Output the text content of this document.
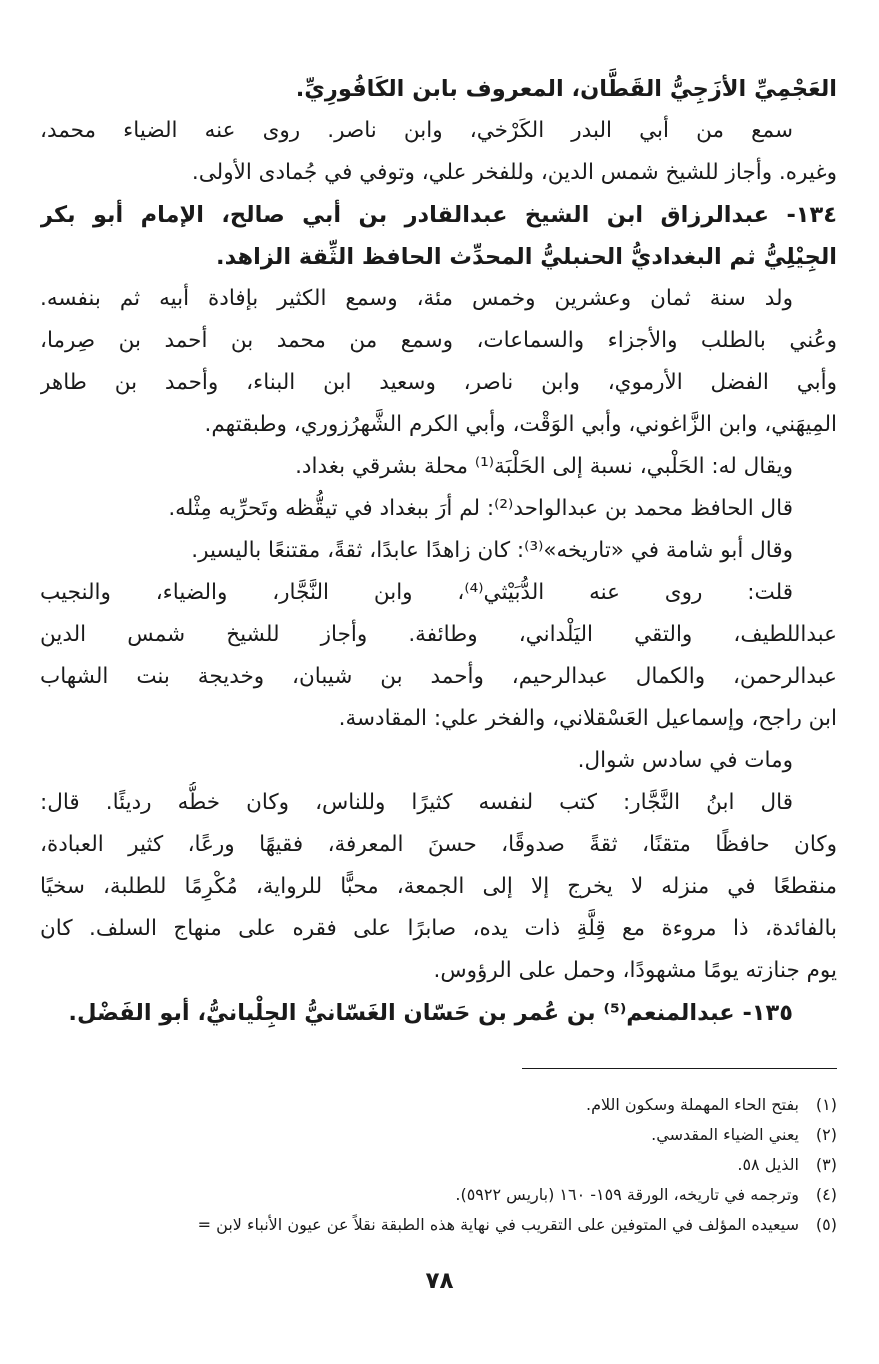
العَجْمِيِّ الأزَجِيُّ القَطَّان، المعروف بابن الكَافُورِيِّ.
سمع من أبي البدر الكَرْخي، وابن ناصر. روى عنه الضياء محمد،
وغيره. وأجاز للشيخ شمس الدين، وللفخر علي، وتوفي في جُمادى الأولى.
١٣٤- عبدالرزاق ابن الشيخ عبدالقادر بن أبي صالح، الإمام أبو بكر
الجِيْلِيُّ ثم البغداديُّ الحنبليُّ المحدِّث الحافظ الثِّقة الزاهد.
ولد سنة ثمان وعشرين وخمس مئة، وسمع الكثير بإفادة أبيه ثم بنفسه.
وعُني بالطلب والأجزاء والسماعات، وسمع من محمد بن أحمد بن صِرما،
وأبي الفضل الأرموي، وابن ناصر، وسعيد ابن البناء، وأحمد بن طاهر
المِيهَني، وابن الزَّاغوني، وأبي الوَقْت، وأبي الكرم الشَّهرُزوري، وطبقتهم.
ويقال له: الحَلْبي، نسبة إلى الحَلْبَة⁽¹⁾ محلة بشرقي بغداد.
قال الحافظ محمد بن عبدالواحد⁽²⁾: لم أرَ ببغداد في تيقُّظه وتَحرِّيه مِثْله.
وقال أبو شامة في «تاريخه»⁽³⁾: كان زاهدًا عابدًا، ثقةً، مقتنعًا باليسير.
قلت: روى عنه الدُّبَيْثي⁽⁴⁾، وابن النَّجَّار، والضياء، والنجيب
عبداللطيف، والتقي اليَلْداني، وطائفة. وأجاز للشيخ شمس الدين
عبدالرحمن، والكمال عبدالرحيم، وأحمد بن شيبان، وخديجة بنت الشهاب
ابن راجح، وإسماعيل العَسْقلاني، والفخر علي: المقادسة.
ومات في سادس شوال.
قال ابنُ النَّجَّار: كتب لنفسه كثيرًا وللناس، وكان خطُّه رديئًا. قال:
وكان حافظًا متقنًا، ثقةً صدوقًا، حسنَ المعرفة، فقيهًا ورعًا، كثير العبادة،
منقطعًا في منزله لا يخرج إلا إلى الجمعة، محبًّا للرواية، مُكْرِمًا للطلبة، سخيًا
بالفائدة، ذا مروءة مع قِلَّةِ ذات يده، صابرًا على فقره على منهاج السلف. كان
يوم جنازته يومًا مشهودًا، وحمل على الرؤوس.
١٣٥- عبدالمنعم⁽⁵⁾ بن عُمر بن حَسّان الغَسّانيُّ الجِلْيانيُّ، أبو الفَضْل.
(١)بفتح الحاء المهملة وسكون اللام.
(٢)يعني الضياء المقدسي.
(٣)الذيل ٥٨.
(٤)وترجمه في تاريخه، الورقة ١٥٩- ١٦٠ (باريس ٥٩٢٢).
(٥)سيعيده المؤلف في المتوفين على التقريب في نهاية هذه الطبقة نقلاً عن عيون الأنباء لابن =
٧٨
